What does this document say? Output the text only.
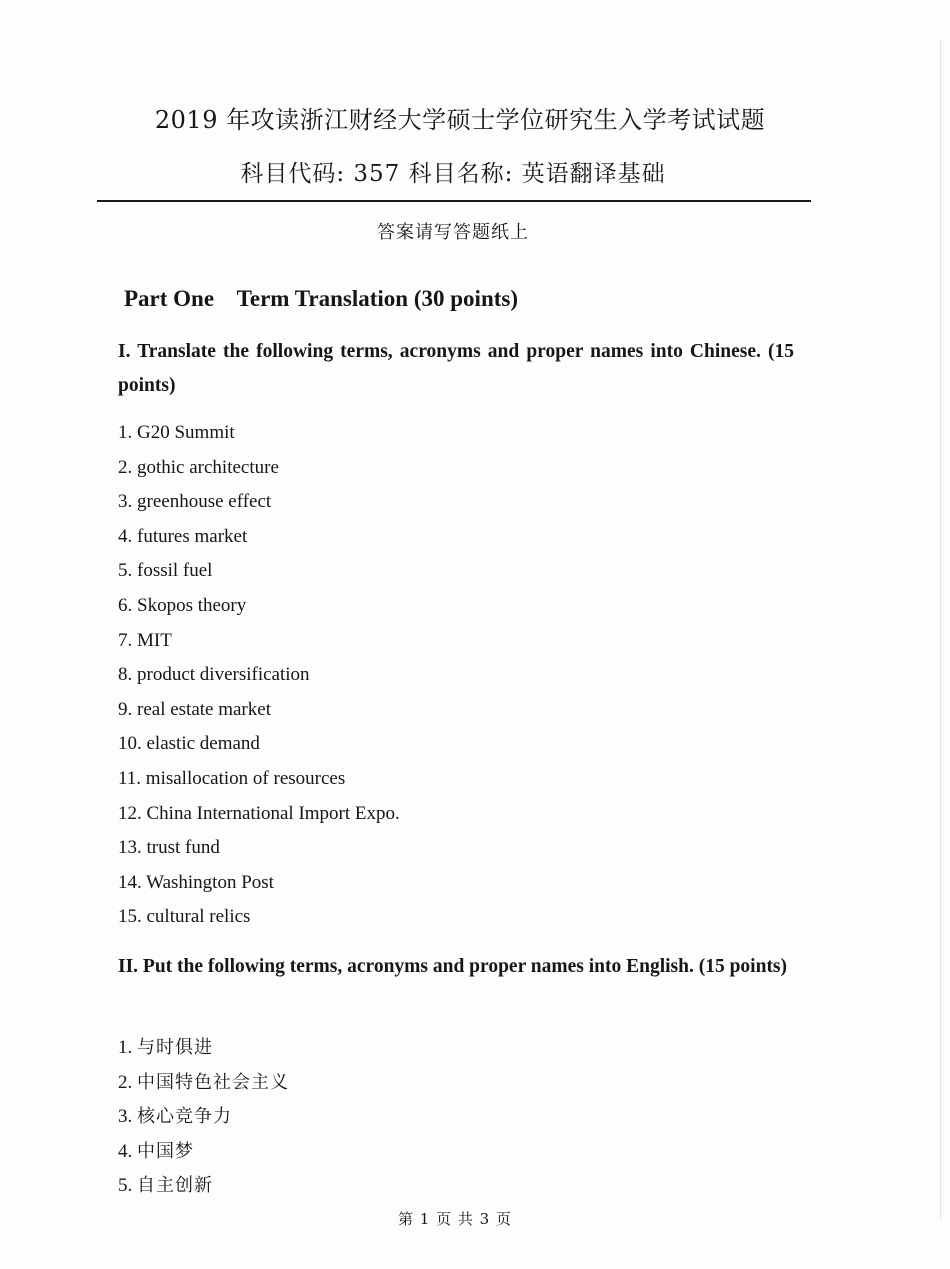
2019 年攻读浙江财经大学硕士学位研究生入学考试试题
科目代码: 357 科目名称: 英语翻译基础
答案请写答题纸上
Part One    Term Translation (30 points)
I. Translate the following terms, acronyms and proper names into Chinese. (15 points)
1. G20 Summit
2. gothic architecture
3. greenhouse effect
4. futures market
5. fossil fuel
6. Skopos theory
7. MIT
8. product diversification
9. real estate market
10. elastic demand
11. misallocation of resources
12. China International Import Expo.
13. trust fund
14. Washington Post
15. cultural relics
II. Put the following terms, acronyms and proper names into English. (15 points)
1. 与时俱进
2. 中国特色社会主义
3. 核心竞争力
4. 中国梦
5. 自主创新
第 1 页 共 3 页
